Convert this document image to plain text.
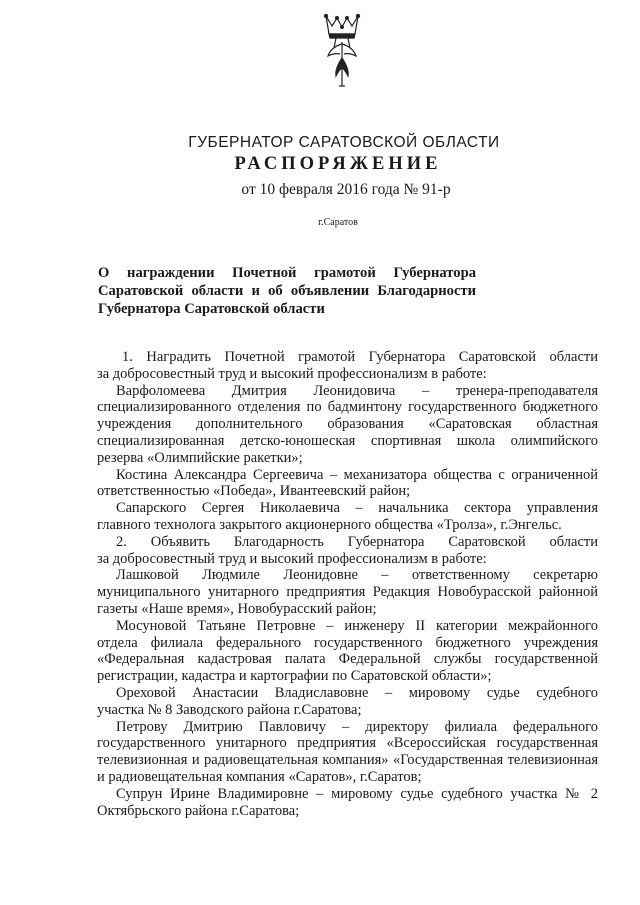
ГУБЕРНАТОР САРАТОВСКОЙ ОБЛАСТИ
РАСПОРЯЖЕНИЕ
от 10 февраля 2016 года № 91-р
г.Саратов
О награждении Почетной грамотой Губернатора
Саратовской области и об объявлении Благодарности
Губернатора Саратовской области
1. Наградить Почетной грамотой Губернатора Саратовской области
за добросовестный труд и высокий профессионализм в работе:
Варфоломеева Дмитрия Леонидовича – тренера-преподавателя
специализированного отделения по бадминтону государственного бюджетного
учреждения дополнительного образования «Саратовская областная
специализированная детско-юношеская спортивная школа олимпийского
резерва «Олимпийские ракетки»;
Костина Александра Сергеевича – механизатора общества с ограниченной
ответственностью «Победа», Ивантеевский район;
Сапарского Сергея Николаевича – начальника сектора управления
главного технолога закрытого акционерного общества «Тролза», г.Энгельс.
2. Объявить Благодарность Губернатора Саратовской области
за добросовестный труд и высокий профессионализм в работе:
Лашковой Людмиле Леонидовне – ответственному секретарю
муниципального унитарного предприятия Редакция Новобурасской районной
газеты «Наше время», Новобурасский район;
Мосуновой Татьяне Петровне – инженеру II категории межрайонного
отдела филиала федерального государственного бюджетного учреждения
«Федеральная кадастровая палата Федеральной службы государственной
регистрации, кадастра и картографии по Саратовской области»;
Ореховой Анастасии Владиславовне – мировому судье судебного
участка № 8 Заводского района г.Саратова;
Петрову Дмитрию Павловичу – директору филиала федерального
государственного унитарного предприятия «Всероссийская государственная
телевизионная и радиовещательная компания» «Государственная телевизионная
и радиовещательная компания «Саратов», г.Саратов;
Супрун Ирине Владимировне – мировому судье судебного участка № 2
Октябрьского района г.Саратова;
